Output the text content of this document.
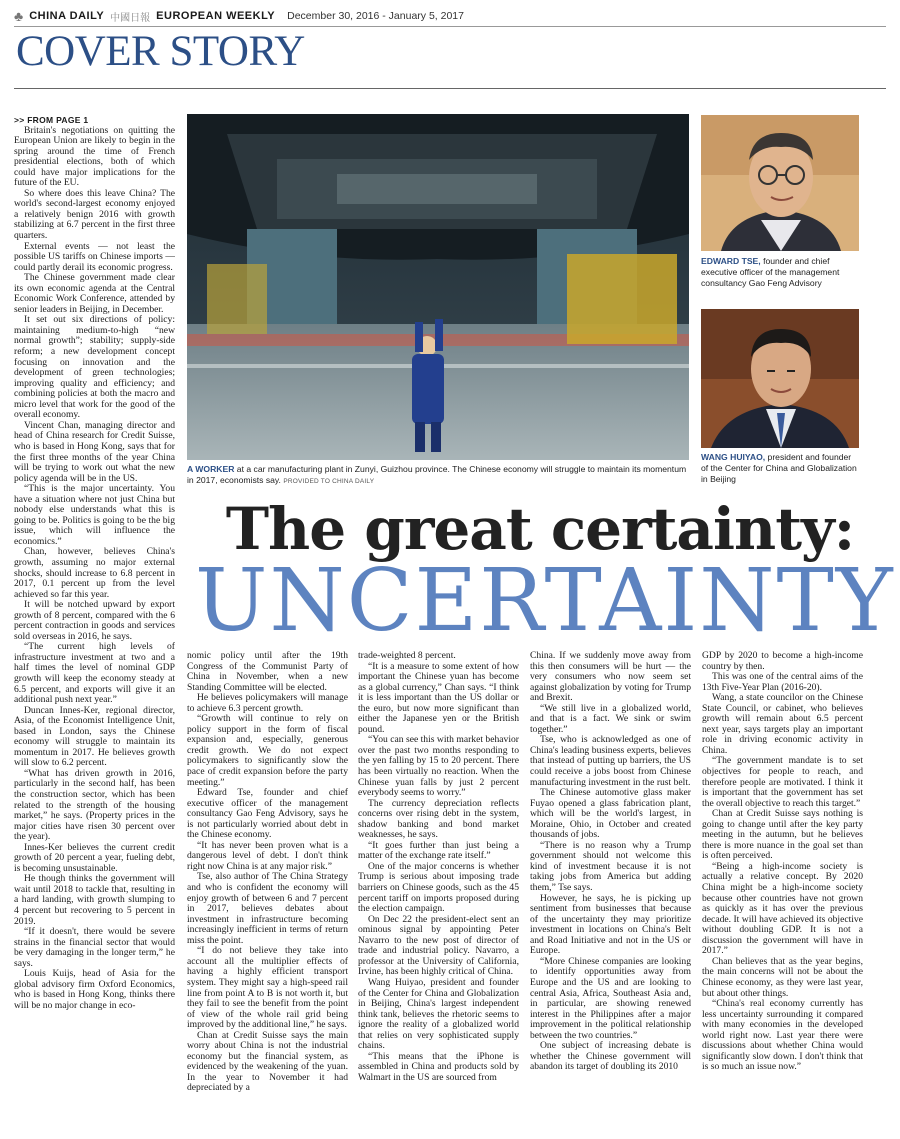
♣ CHINA DAILY 中國日報 EUROPEAN WEEKLY December 30, 2016 - January 5, 2017
COVER STORY
A WORKER at a car manufacturing plant in Zunyi, Guizhou province. The Chinese economy will struggle to maintain its momentum in 2017, economists say. PROVIDED TO CHINA DAILY
EDWARD TSE, founder and chief executive officer of the management consultancy Gao Feng Advisory
WANG HUIYAO, president and founder of the Center for China and Globalization in Beijing
The great certainty:
UNCERTAINTY

>> FROM PAGE 1

Britain's negotiations on quitting the European Union are likely to begin in the spring around the time of French presidential elections, both of which could have major implications for the future of the EU.

So where does this leave China? The world's second-largest economy enjoyed a relatively benign 2016 with growth stabilizing at 6.7 percent in the first three quarters.

External events — not least the possible US tariffs on Chinese imports — could partly derail its economic progress.

The Chinese government made clear its own economic agenda at the Central Economic Work Conference, attended by senior leaders in Beijing, in December.

It set out six directions of policy: maintaining medium-to-high “new normal growth”; stability; supply-side reform; a new development concept focusing on innovation and the development of green technologies; improving quality and efficiency; and combining policies at both the macro and micro level that work for the good of the overall economy.

Vincent Chan, managing director and head of China research for Credit Suisse, who is based in Hong Kong, says that for the first three months of the year China will be trying to work out what the new policy agenda will be in the US.

“This is the major uncertainty. You have a situation where not just China but nobody else understands what this is going to be. Politics is going to be the big issue, which will influence the economics.”

Chan, however, believes China's growth, assuming no major external shocks, should increase to 6.8 percent in 2017, 0.1 percent up from the level achieved so far this year.

It will be notched upward by export growth of 8 percent, compared with the 6 percent contraction in goods and services sold overseas in 2016, he says.

“The current high levels of infrastructure investment at two and a half times the level of nominal GDP growth will keep the economy steady at 6.5 percent, and exports will give it an additional push next year.”

Duncan Innes-Ker, regional director, Asia, of the Economist Intelligence Unit, based in London, says the Chinese economy will struggle to maintain its momentum in 2017. He believes growth will slow to 6.2 percent.

“What has driven growth in 2016, particularly in the second half, has been the construction sector, which has been related to the strength of the housing market,” he says. (Property prices in the major cities have risen 30 percent over the year).

Innes-Ker believes the current credit growth of 20 percent a year, fueling debt, is becoming unsustainable.

He though thinks the government will wait until 2018 to tackle that, resulting in a hard landing, with growth slumping to 4 percent but recovering to 5 percent in 2019.

“If it doesn't, there would be severe strains in the financial sector that would be very damaging in the longer term,” he says.

Louis Kuijs, head of Asia for the global advisory firm Oxford Economics, who is based in Hong Kong, thinks there will be no major change in eco-

nomic policy until after the 19th Congress of the Communist Party of China in November, when a new Standing Committee will be elected.

He believes policymakers will manage to achieve 6.3 percent growth.

“Growth will continue to rely on policy support in the form of fiscal expansion and, especially, generous credit growth. We do not expect policymakers to significantly slow the pace of credit expansion before the party meeting.”

Edward Tse, founder and chief executive officer of the management consultancy Gao Feng Advisory, says he is not particularly worried about debt in the Chinese economy.

“It has never been proven what is a dangerous level of debt. I don't think right now China is at any major risk.”

Tse, also author of The China Strategy and who is confident the economy will enjoy growth of between 6 and 7 percent in 2017, believes debates about investment in infrastructure becoming increasingly inefficient in terms of return miss the point.

“I do not believe they take into account all the multiplier effects of having a highly efficient transport system. They might say a high-speed rail line from point A to B is not worth it, but they fail to see the benefit from the point of view of the whole rail grid being improved by the additional line,” he says.

Chan at Credit Suisse says the main worry about China is not the industrial economy but the financial system, as evidenced by the weakening of the yuan. In the year to November it had depreciated by a

trade-weighted 8 percent.

“It is a measure to some extent of how important the Chinese yuan has become as a global currency,” Chan says. “I think it is less important than the US dollar or the euro, but now more significant than either the Japanese yen or the British pound.

“You can see this with market behavior over the past two months responding to the yen falling by 15 to 20 percent. There has been virtually no reaction. When the Chinese yuan falls by just 2 percent everybody seems to worry.”

The currency depreciation reflects concerns over rising debt in the system, shadow banking and bond market weaknesses, he says.

“It goes further than just being a matter of the exchange rate itself.”

One of the major concerns is whether Trump is serious about imposing trade barriers on Chinese goods, such as the 45 percent tariff on imports proposed during the election campaign.

On Dec 22 the president-elect sent an ominous signal by appointing Peter Navarro to the new post of director of trade and industrial policy. Navarro, a professor at the University of California, Irvine, has been highly critical of China.

Wang Huiyao, president and founder of the Center for China and Globalization in Beijing, China's largest independent think tank, believes the rhetoric seems to ignore the reality of a globalized world that relies on very sophisticated supply chains.

“This means that the iPhone is assembled in China and products sold by Walmart in the US are sourced from

China. If we suddenly move away from this then consumers will be hurt — the very consumers who now seem set against globalization by voting for Trump and Brexit.

“We still live in a globalized world, and that is a fact. We sink or swim together.”

Tse, who is acknowledged as one of China's leading business experts, believes that instead of putting up barriers, the US could receive a jobs boost from Chinese manufacturing investment in the rust belt.

The Chinese automotive glass maker Fuyao opened a glass fabrication plant, which will be the world's largest, in Moraine, Ohio, in October and created thousands of jobs.

“There is no reason why a Trump government should not welcome this kind of investment because it is not taking jobs from America but adding them,” Tse says.

However, he says, he is picking up sentiment from businesses that because of the uncertainty they may prioritize investment in locations on China's Belt and Road Initiative and not in the US or Europe.

“More Chinese companies are looking to identify opportunities away from Europe and the US and are looking to central Asia, Africa, Southeast Asia and, in particular, are showing renewed interest in the Philippines after a major improvement in the political relationship between the two countries.”

One subject of increasing debate is whether the Chinese government will abandon its target of doubling its 2010

GDP by 2020 to become a high-income country by then.

This was one of the central aims of the 13th Five-Year Plan (2016-20).

Wang, a state councilor on the Chinese State Council, or cabinet, who believes growth will remain about 6.5 percent next year, says targets play an important role in driving economic activity in China.

“The government mandate is to set objectives for people to reach, and therefore people are motivated. I think it is important that the government has set the overall objective to reach this target.”

Chan at Credit Suisse says nothing is going to change until after the key party meeting in the autumn, but he believes there is more nuance in the goal set than is often perceived.

“Being a high-income society is actually a relative concept. By 2020 China might be a high-income society because other countries have not grown as quickly as it has over the previous decade. It will have achieved its objective without doubling GDP. It is not a discussion the government will have in 2017.”

Chan believes that as the year begins, the main concerns will not be about the Chinese economy, as they were last year, but about other things.

“China's real economy currently has less uncertainty surrounding it compared with many economies in the developed world right now. Last year there were discussions about whether China would significantly slow down. I don't think that is so much an issue now.”
